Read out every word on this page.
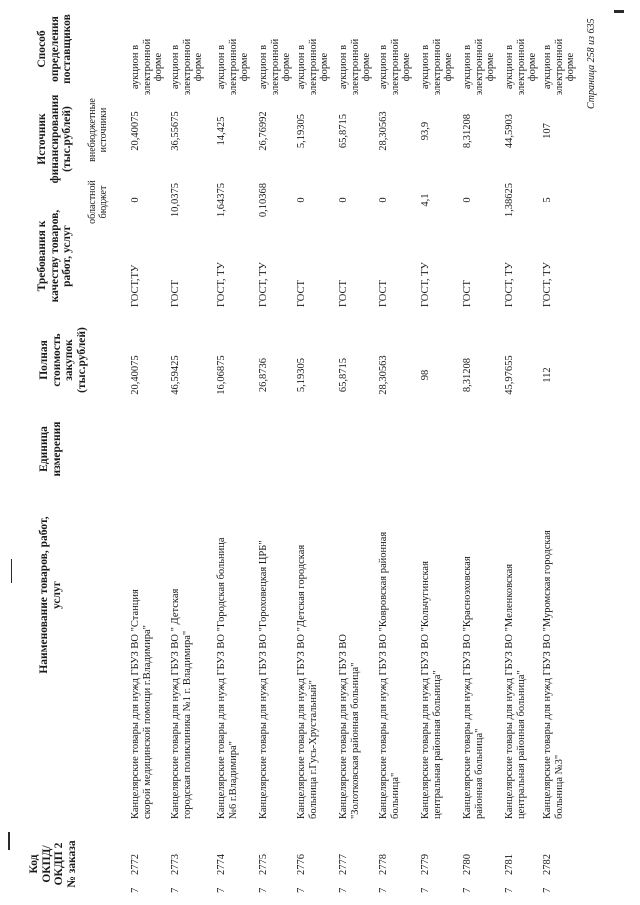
Код ОКПД/ ОКДП 2 № заказа
Наименование товаров, работ, услуг
Единица измерения
Полная стоимость закупок (тыс.рублей)
Требования к качеству товаров, работ, услуг
Источник финансирования (тыс.рублей)
областной бюджет
внебюджетные источники
Способ определения поставщиков
7
2772
Канцелярские товары для нужд ГБУЗ ВО "Станция скорой медицинской помощи г.Владимира"
20,40075
ГОСТ,ТУ
0
20,40075
аукцион в электронной форме
7
2773
Канцелярские товары для нужд ГБУЗ ВО " Детская городская поликлиника №1 г. Владимира"
46,59425
ГОСТ
10,0375
36,55675
аукцион в электронной форме
7
2774
Канцелярские товары для нужд ГБУЗ ВО "Городская больница №6 г.Владимира"
16,06875
ГОСТ, ТУ
1,64375
14,425
аукцион в электронной форме
7
2775
Канцелярские товары для нужд ГБУЗ ВО "Гороховецкая ЦРБ"
26,8736
ГОСТ, ТУ
0,10368
26,76992
аукцион в электронной форме
7
2776
Канцелярские товары для нужд ГБУЗ ВО "Детская городская больница г.Гусь-Хрустальный"
5,19305
ГОСТ
0
5,19305
аукцион в электронной форме
7
2777
Канцелярские товары для нужд ГБУЗ ВО "Золотковская районная больница"
65,8715
ГОСТ
0
65,8715
аукцион в электронной форме
7
2778
Канцелярские товары для нужд ГБУЗ ВО "Ковровская районная больница"
28,30563
ГОСТ
0
28,30563
аукцион в электронной форме
7
2779
Канцелярские товары для нужд ГБУЗ ВО "Кольчугинская центральная районная больница"
98
ГОСТ, ТУ
4,1
93,9
аукцион в электронной форме
7
2780
Канцелярские товары для нужд ГБУЗ ВО "Красноэховская районная больница"
8,31208
ГОСТ
0
8,31208
аукцион в электронной форме
7
2781
Канцелярские товары для нужд ГБУЗ ВО "Меленковская центральная районная больница"
45,97655
ГОСТ, ТУ
1,38625
44,5903
аукцион в электронной форме
7
2782
Канцелярские товары для нужд ГБУЗ ВО "Муромская городская больница №3"
112
ГОСТ, ТУ
5
107
аукцион в электронной форме Страница 258 из 635
